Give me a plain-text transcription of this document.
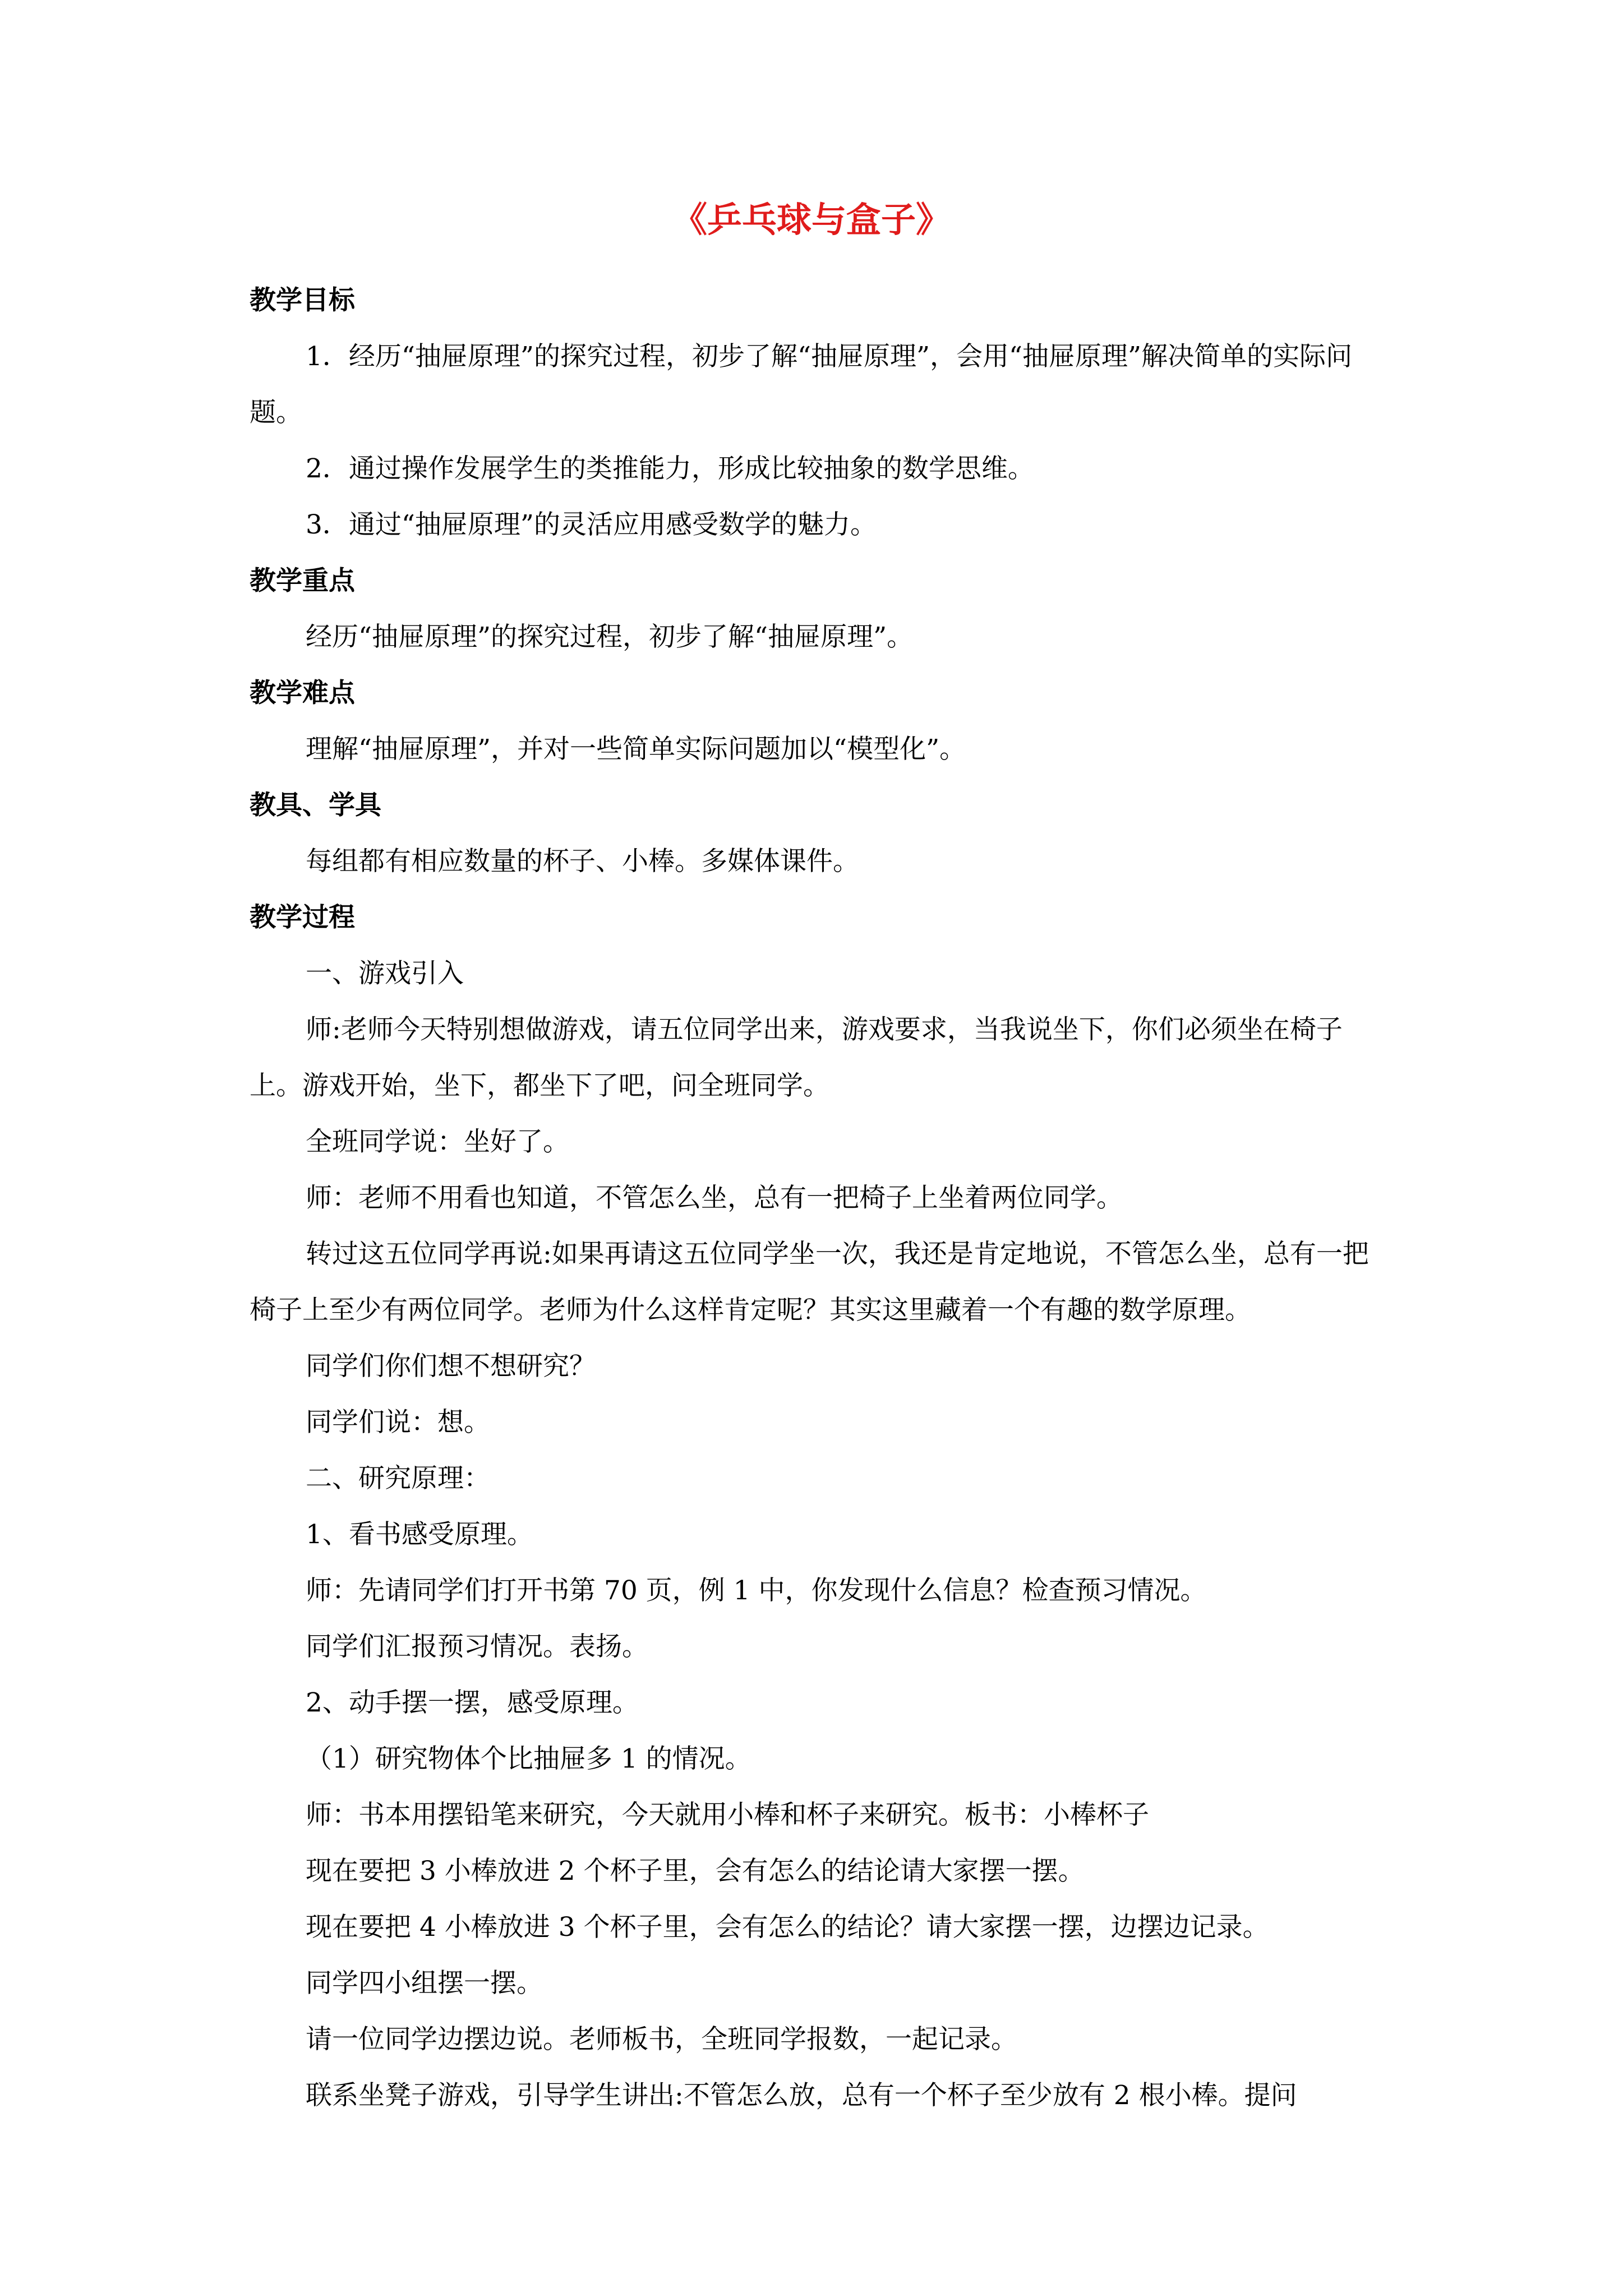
《乒乓球与盒子》
教学目标
1．经历“抽屉原理”的探究过程，初步了解“抽屉原理”，会用“抽屉原理”解决简单的实际问题。
2．通过操作发展学生的类推能力，形成比较抽象的数学思维。
3．通过“抽屉原理”的灵活应用感受数学的魅力。
教学重点
经历“抽屉原理”的探究过程，初步了解“抽屉原理”。
教学难点
理解“抽屉原理”，并对一些简单实际问题加以“模型化”。
教具、学具
每组都有相应数量的杯子、小棒。多媒体课件。
教学过程
一、游戏引入
师:老师今天特别想做游戏，请五位同学出来，游戏要求，当我说坐下，你们必须坐在椅子上。游戏开始，坐下，都坐下了吧，问全班同学。
全班同学说：坐好了。
师：老师不用看也知道，不管怎么坐，总有一把椅子上坐着两位同学。
转过这五位同学再说:如果再请这五位同学坐一次，我还是肯定地说，不管怎么坐，总有一把椅子上至少有两位同学。老师为什么这样肯定呢？其实这里藏着一个有趣的数学原理。
同学们你们想不想研究？
同学们说：想。
二、研究原理：
1、看书感受原理。
师：先请同学们打开书第 70 页，例 1 中，你发现什么信息？检查预习情况。
同学们汇报预习情况。表扬。
2、动手摆一摆，感受原理。
（1）研究物体个比抽屉多 1 的情况。
师：书本用摆铅笔来研究，今天就用小棒和杯子来研究。板书：小棒杯子
现在要把 3 小棒放进 2 个杯子里，会有怎么的结论请大家摆一摆。
现在要把 4 小棒放进 3 个杯子里，会有怎么的结论？请大家摆一摆，边摆边记录。
同学四小组摆一摆。
请一位同学边摆边说。老师板书，全班同学报数，一起记录。
联系坐凳子游戏，引导学生讲出:不管怎么放，总有一个杯子至少放有 2 根小棒。提问
